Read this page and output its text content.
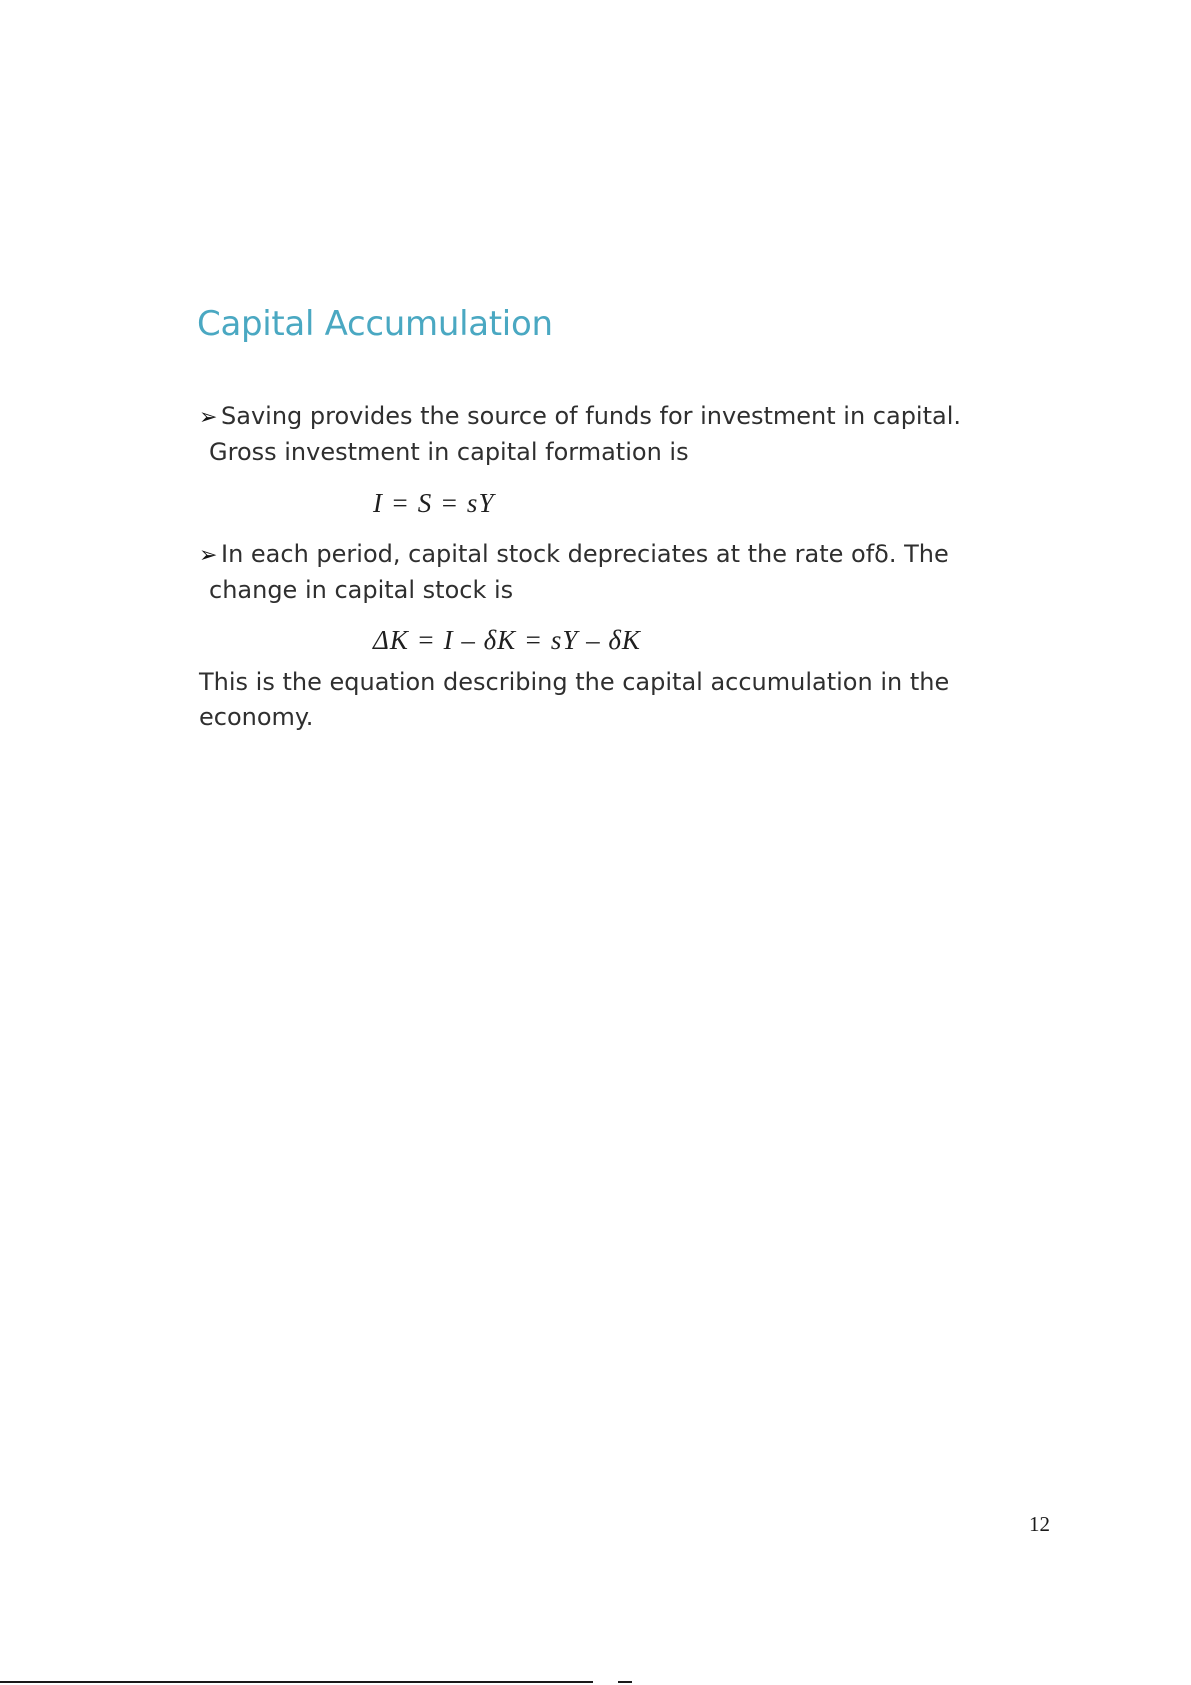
Capital Accumulation

➢ Saving provides the source of funds for investment in capital.
Gross investment in capital formation is

I = S = sY

➢ In each period, capital stock depreciates at the rate ofδ. The
change in capital stock is

ΔK = I – δK = sY – δK

This is the equation describing the capital accumulation in the
economy.

12
